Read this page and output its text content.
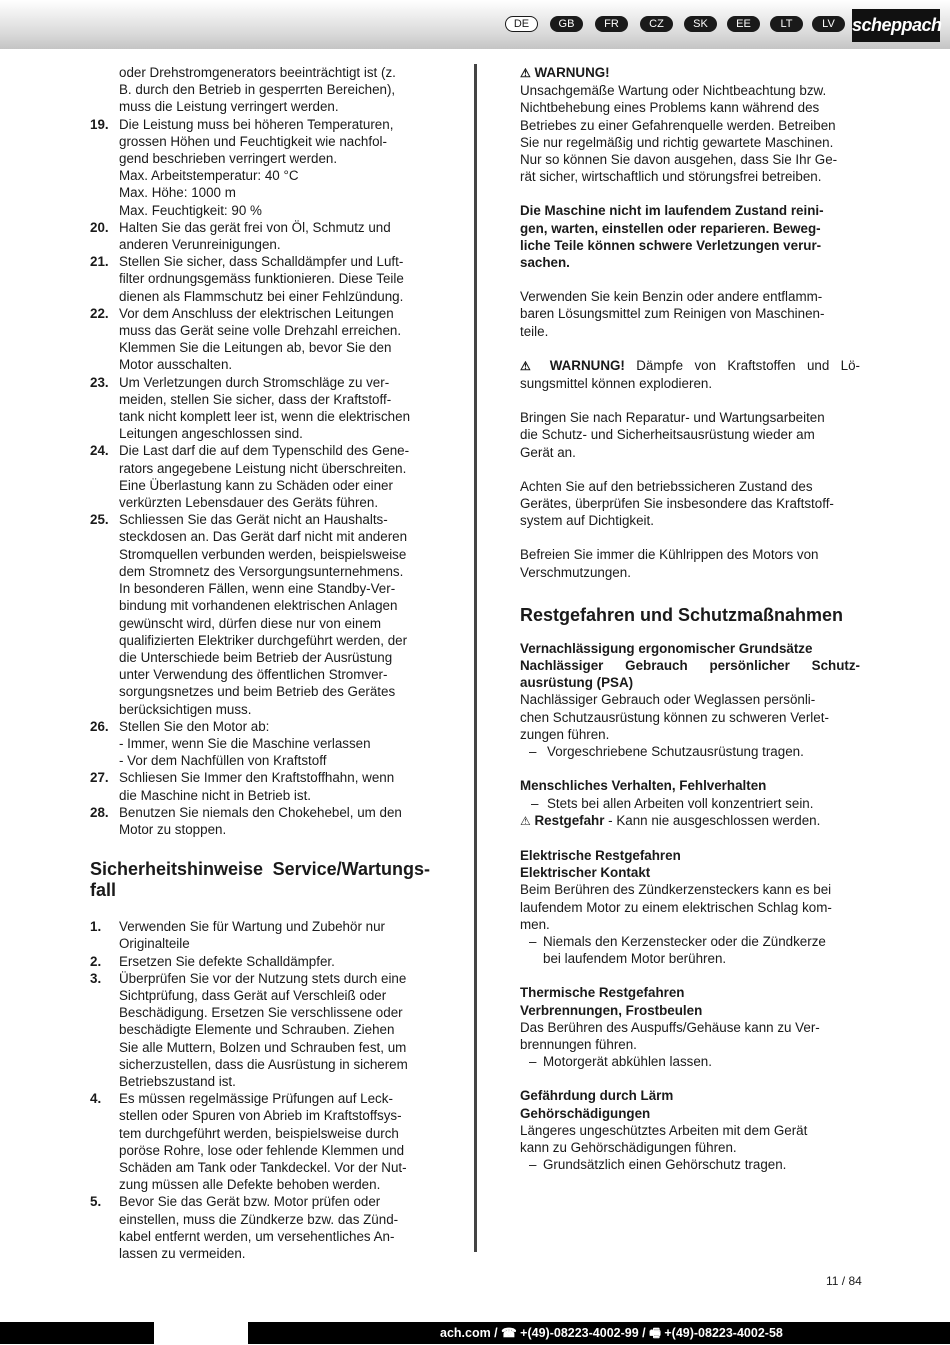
DE	GB	FR	CZ	SK	EE	LT	LV scheppach
oder Drehstromgenerators beeinträchtigt ist (z.
B. durch den Betrieb in gesperrten Bereichen),
muss die Leistung verringert werden.
19. Die Leistung muss bei höheren Temperaturen,
grossen Höhen und Feuchtigkeit wie nachfol-
gend beschrieben verringert werden.
Max. Arbeitstemperatur: 40 °C
Max. Höhe: 1000 m
Max. Feuchtigkeit: 90 %
20. Halten Sie das gerät frei von Öl, Schmutz und
anderen Verunreinigungen.
21. Stellen Sie sicher, dass Schalldämpfer und Luft-
filter ordnungsgemäss funktionieren. Diese Teile
dienen als Flammschutz bei einer Fehlzündung.
22. Vor dem Anschluss der elektrischen Leitungen
muss das Gerät seine volle Drehzahl erreichen.
Klemmen Sie die Leitungen ab, bevor Sie den
Motor ausschalten.
23. Um Verletzungen durch Stromschläge zu ver-
meiden, stellen Sie sicher, dass der Kraftstoff-
tank nicht komplett leer ist, wenn die elektrischen
Leitungen angeschlossen sind.
24. Die Last darf die auf dem Typenschild des Gene-
rators angegebene Leistung nicht überschreiten.
Eine Überlastung kann zu Schäden oder einer
verkürzten Lebensdauer des Geräts führen.
25. Schliessen Sie das Gerät nicht an Haushalts-
steckdosen an. Das Gerät darf nicht mit anderen
Stromquellen verbunden werden, beispielsweise
dem Stromnetz des Versorgungsunternehmens.
In besonderen Fällen, wenn eine Standby-Ver-
bindung mit vorhandenen elektrischen Anlagen
gewünscht wird, dürfen diese nur von einem
qualifizierten Elektriker durchgeführt werden, der
die Unterschiede beim Betrieb der Ausrüstung
unter Verwendung des öffentlichen Stromver-
sorgungsnetzes und beim Betrieb des Gerätes
berücksichtigen muss.
26. Stellen Sie den Motor ab:
- Immer, wenn Sie die Maschine verlassen
- Vor dem Nachfüllen von Kraftstoff
27. Schliesen Sie Immer den Kraftstoffhahn, wenn
die Maschine nicht in Betrieb ist.
28. Benutzen Sie niemals den Chokehebel, um den
Motor zu stoppen.
Sicherheitshinweise Service/Wartungs-
fall
1. Verwenden Sie für Wartung und Zubehör nur
Originalteile
2. Ersetzen Sie defekte Schalldämpfer.
3. Überprüfen Sie vor der Nutzung stets durch eine
Sichtprüfung, dass Gerät auf Verschleiß oder
Beschädigung. Ersetzen Sie verschlissene oder
beschädigte Elemente und Schrauben. Ziehen
Sie alle Muttern, Bolzen und Schrauben fest, um
sicherzustellen, dass die Ausrüstung in sicherem
Betriebszustand ist.
4. Es müssen regelmässige Prüfungen auf Leck-
stellen oder Spuren von Abrieb im Kraftstoffsys-
tem durchgeführt werden, beispielsweise durch
poröse Rohre, lose oder fehlende Klemmen und
Schäden am Tank oder Tankdeckel. Vor der Nut-
zung müssen alle Defekte behoben werden.
5. Bevor Sie das Gerät bzw. Motor prüfen oder
einstellen, muss die Zündkerze bzw. das Zünd-
kabel entfernt werden, um versehentliches An-
lassen zu vermeiden.
⚠ WARNUNG!
Unsachgemäße Wartung oder Nichtbeachtung bzw.
Nichtbehebung eines Problems kann während des
Betriebes zu einer Gefahrenquelle werden. Betreiben
Sie nur regelmäßig und richtig gewartete Maschinen.
Nur so können Sie davon ausgehen, dass Sie Ihr Ge-
rät sicher, wirtschaftlich und störungsfrei betreiben.
Die Maschine nicht im laufendem Zustand reini-
gen, warten, einstellen oder reparieren. Beweg-
liche Teile können schwere Verletzungen verur-
sachen.
Verwenden Sie kein Benzin oder andere entflamm-
baren Lösungsmittel zum Reinigen von Maschinen-
teile.
⚠ WARNUNG! Dämpfe von Kraftstoffen und Lö-
sungsmittel können explodieren.
Bringen Sie nach Reparatur- und Wartungsarbeiten
die Schutz- und Sicherheitsausrüstung wieder am
Gerät an.
Achten Sie auf den betriebssicheren Zustand des
Gerätes, überprüfen Sie insbesondere das Kraftstoff-
system auf Dichtigkeit.
Befreien Sie immer die Kühlrippen des Motors von
Verschmutzungen.
Restgefahren und Schutzmaßnahmen
Vernachlässigung ergonomischer Grundsätze
Nachlässiger Gebrauch persönlicher Schutz-
ausrüstung (PSA)
Nachlässiger Gebrauch oder Weglassen persönli-
chen Schutzausrüstung können zu schweren Verlet-
zungen führen.
– Vorgeschriebene Schutzausrüstung tragen.
Menschliches Verhalten, Fehlverhalten
– Stets bei allen Arbeiten voll konzentriert sein.
⚠ Restgefahr - Kann nie ausgeschlossen werden.
Elektrische Restgefahren
Elektrischer Kontakt
Beim Berühren des Zündkerzensteckers kann es bei
laufendem Motor zu einem elektrischen Schlag kom-
men.
– Niemals den Kerzenstecker oder die Zündkerze
bei laufendem Motor berühren.
Thermische Restgefahren
Verbrennungen, Frostbeulen
Das Berühren des Auspuffs/Gehäuse kann zu Ver-
brennungen führen.
– Motorgerät abkühlen lassen.
Gefährdung durch Lärm
Gehörschädigungen
Längeres ungeschütztes Arbeiten mit dem Gerät
kann zu Gehörschädigungen führen.
– Grundsätzlich einen Gehörschutz tragen.
11 / 84
ach.com / ☎ +(49)-08223-4002-99 / 🖷 +(49)-08223-4002-58
